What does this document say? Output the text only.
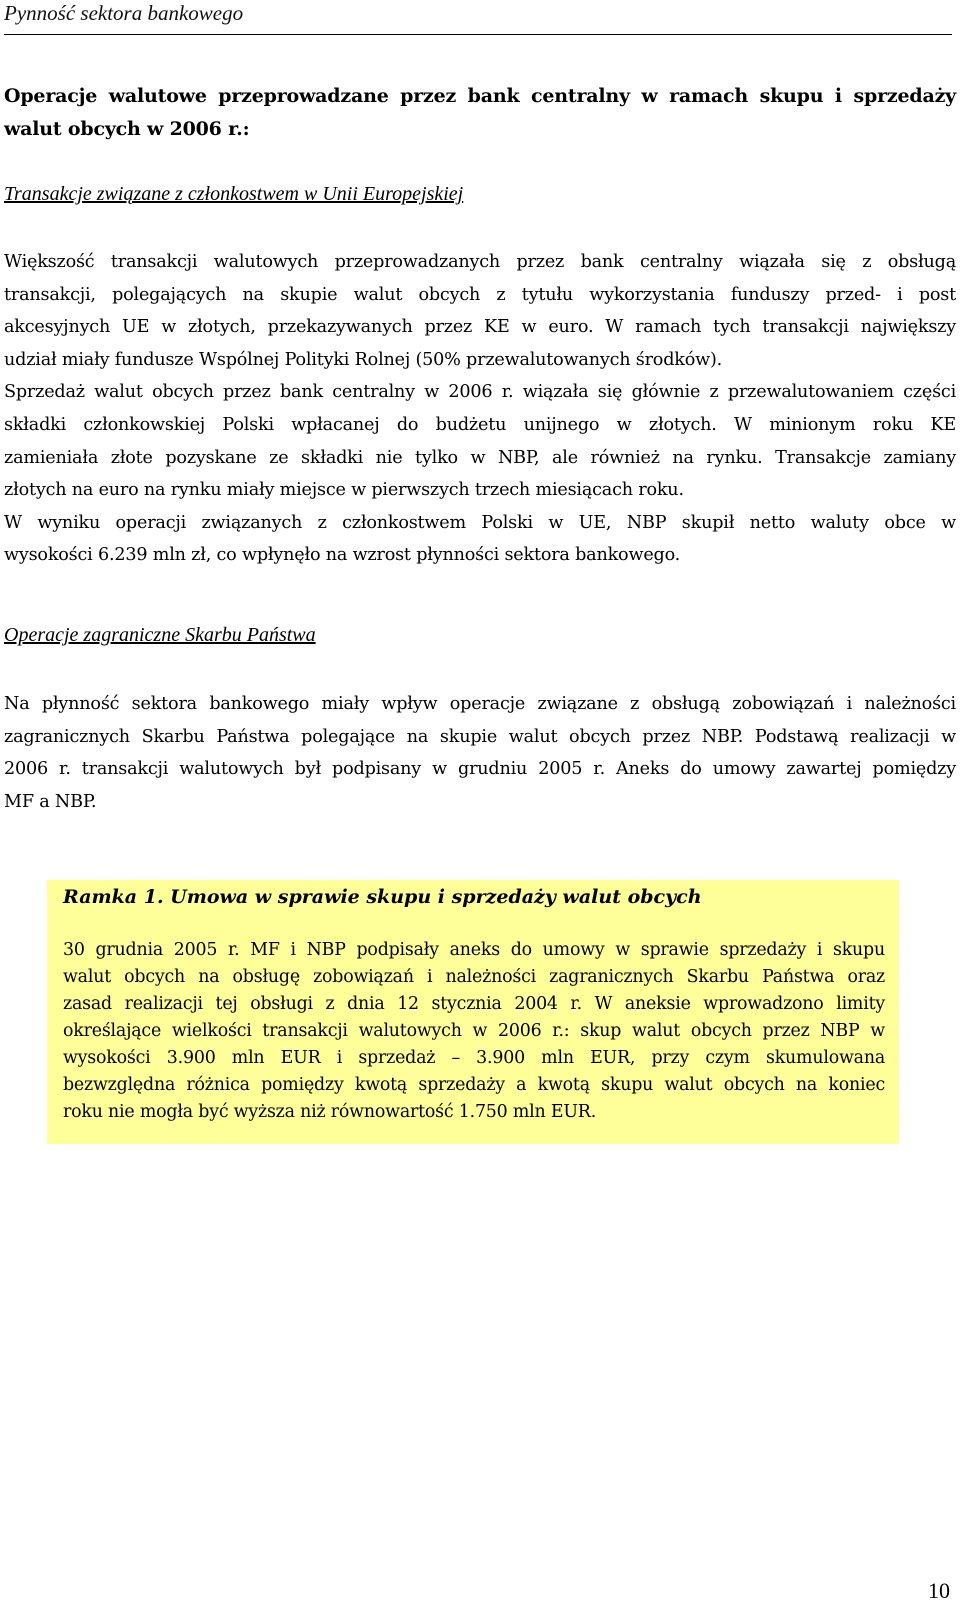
Pynność sektora bankowego
Operacje walutowe przeprowadzane przez bank centralny w ramach skupu i sprzedaży
walut obcych w 2006 r.:
Transakcje związane z członkostwem w Unii Europejskiej

Większość transakcji walutowych przeprowadzanych przez bank centralny wiązała się z obsługą
transakcji, polegających na skupie walut obcych z tytułu wykorzystania funduszy przed- i post
akcesyjnych UE w złotych, przekazywanych przez KE w euro. W ramach tych transakcji największy
udział miały fundusze Wspólnej Polityki Rolnej (50% przewalutowanych środków).
Sprzedaż walut obcych przez bank centralny w 2006 r. wiązała się głównie z przewalutowaniem części
składki członkowskiej Polski wpłacanej do budżetu unijnego w złotych. W minionym roku KE
zamieniała złote pozyskane ze składki nie tylko w NBP, ale również na rynku. Transakcje zamiany
złotych na euro na rynku miały miejsce w pierwszych trzech miesiącach roku.
W wyniku operacji związanych z członkostwem Polski w UE, NBP skupił netto waluty obce w
wysokości 6.239 mln zł, co wpłynęło na wzrost płynności sektora bankowego.

Operacje zagraniczne Skarbu Państwa

Na płynność sektora bankowego miały wpływ operacje związane z obsługą zobowiązań i należności
zagranicznych Skarbu Państwa polegające na skupie walut obcych przez NBP. Podstawą realizacji w
2006 r. transakcji walutowych był podpisany w grudniu 2005 r. Aneks do umowy zawartej pomiędzy
MF a NBP.

Ramka 1. Umowa w sprawie skupu i sprzedaży walut obcych

30 grudnia 2005 r. MF i NBP podpisały aneks do umowy w sprawie sprzedaży i skupu
walut obcych na obsługę zobowiązań i należności zagranicznych Skarbu Państwa oraz
zasad realizacji tej obsługi z dnia 12 stycznia 2004 r. W aneksie wprowadzono limity
określające wielkości transakcji walutowych w 2006 r.: skup walut obcych przez NBP w
wysokości 3.900 mln EUR i sprzedaż – 3.900 mln EUR, przy czym skumulowana
bezwzględna różnica pomiędzy kwotą sprzedaży a kwotą skupu walut obcych na koniec
roku nie mogła być wyższa niż równowartość 1.750 mln EUR.

10
